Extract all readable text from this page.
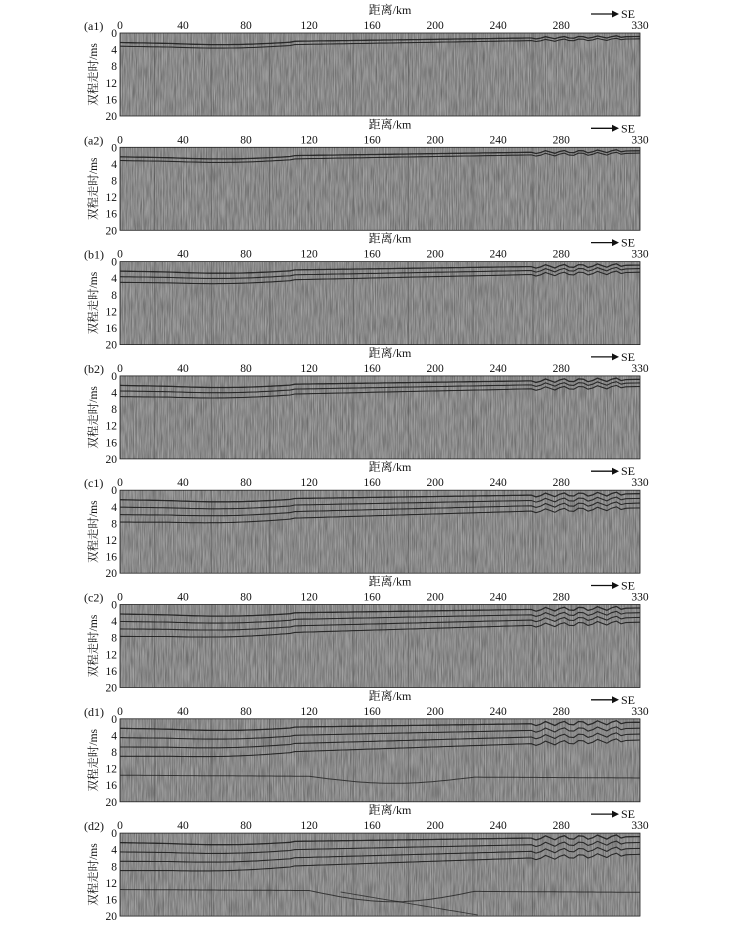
距离/km	SE
(a1) 0	40	80	120	160	200	240	280	330
0
4
8
12
16
20
双程走时/ms
距离/km	SE
(a2) 0	40	80	120	160	200	240	280	330
0
4
8
12
16
20
双程走时/ms
距离/km	SE
(b1) 0	40	80	120	160	200	240	280	330
0
4
8
12
16
20
双程走时/ms
距离/km	SE
(b2) 0	40	80	120	160	200	240	280	330
0
4
8
12
16
20
双程走时/ms
距离/km	SE
(c1) 0	40	80	120	160	200	240	280	330
0
4
8
12
16
20
双程走时/ms
距离/km	SE
(c2) 0	40	80	120	160	200	240	280	330
0
4
8
12
16
20
双程走时/ms
距离/km	SE
(d1) 0	40	80	120	160	200	240	280	330
0
4
8
12
16
20
双程走时/ms
距离/km	SE
(d2) 0	40	80	120	160	200	240	280	330
0
4
8
12
16
20
双程走时/ms
